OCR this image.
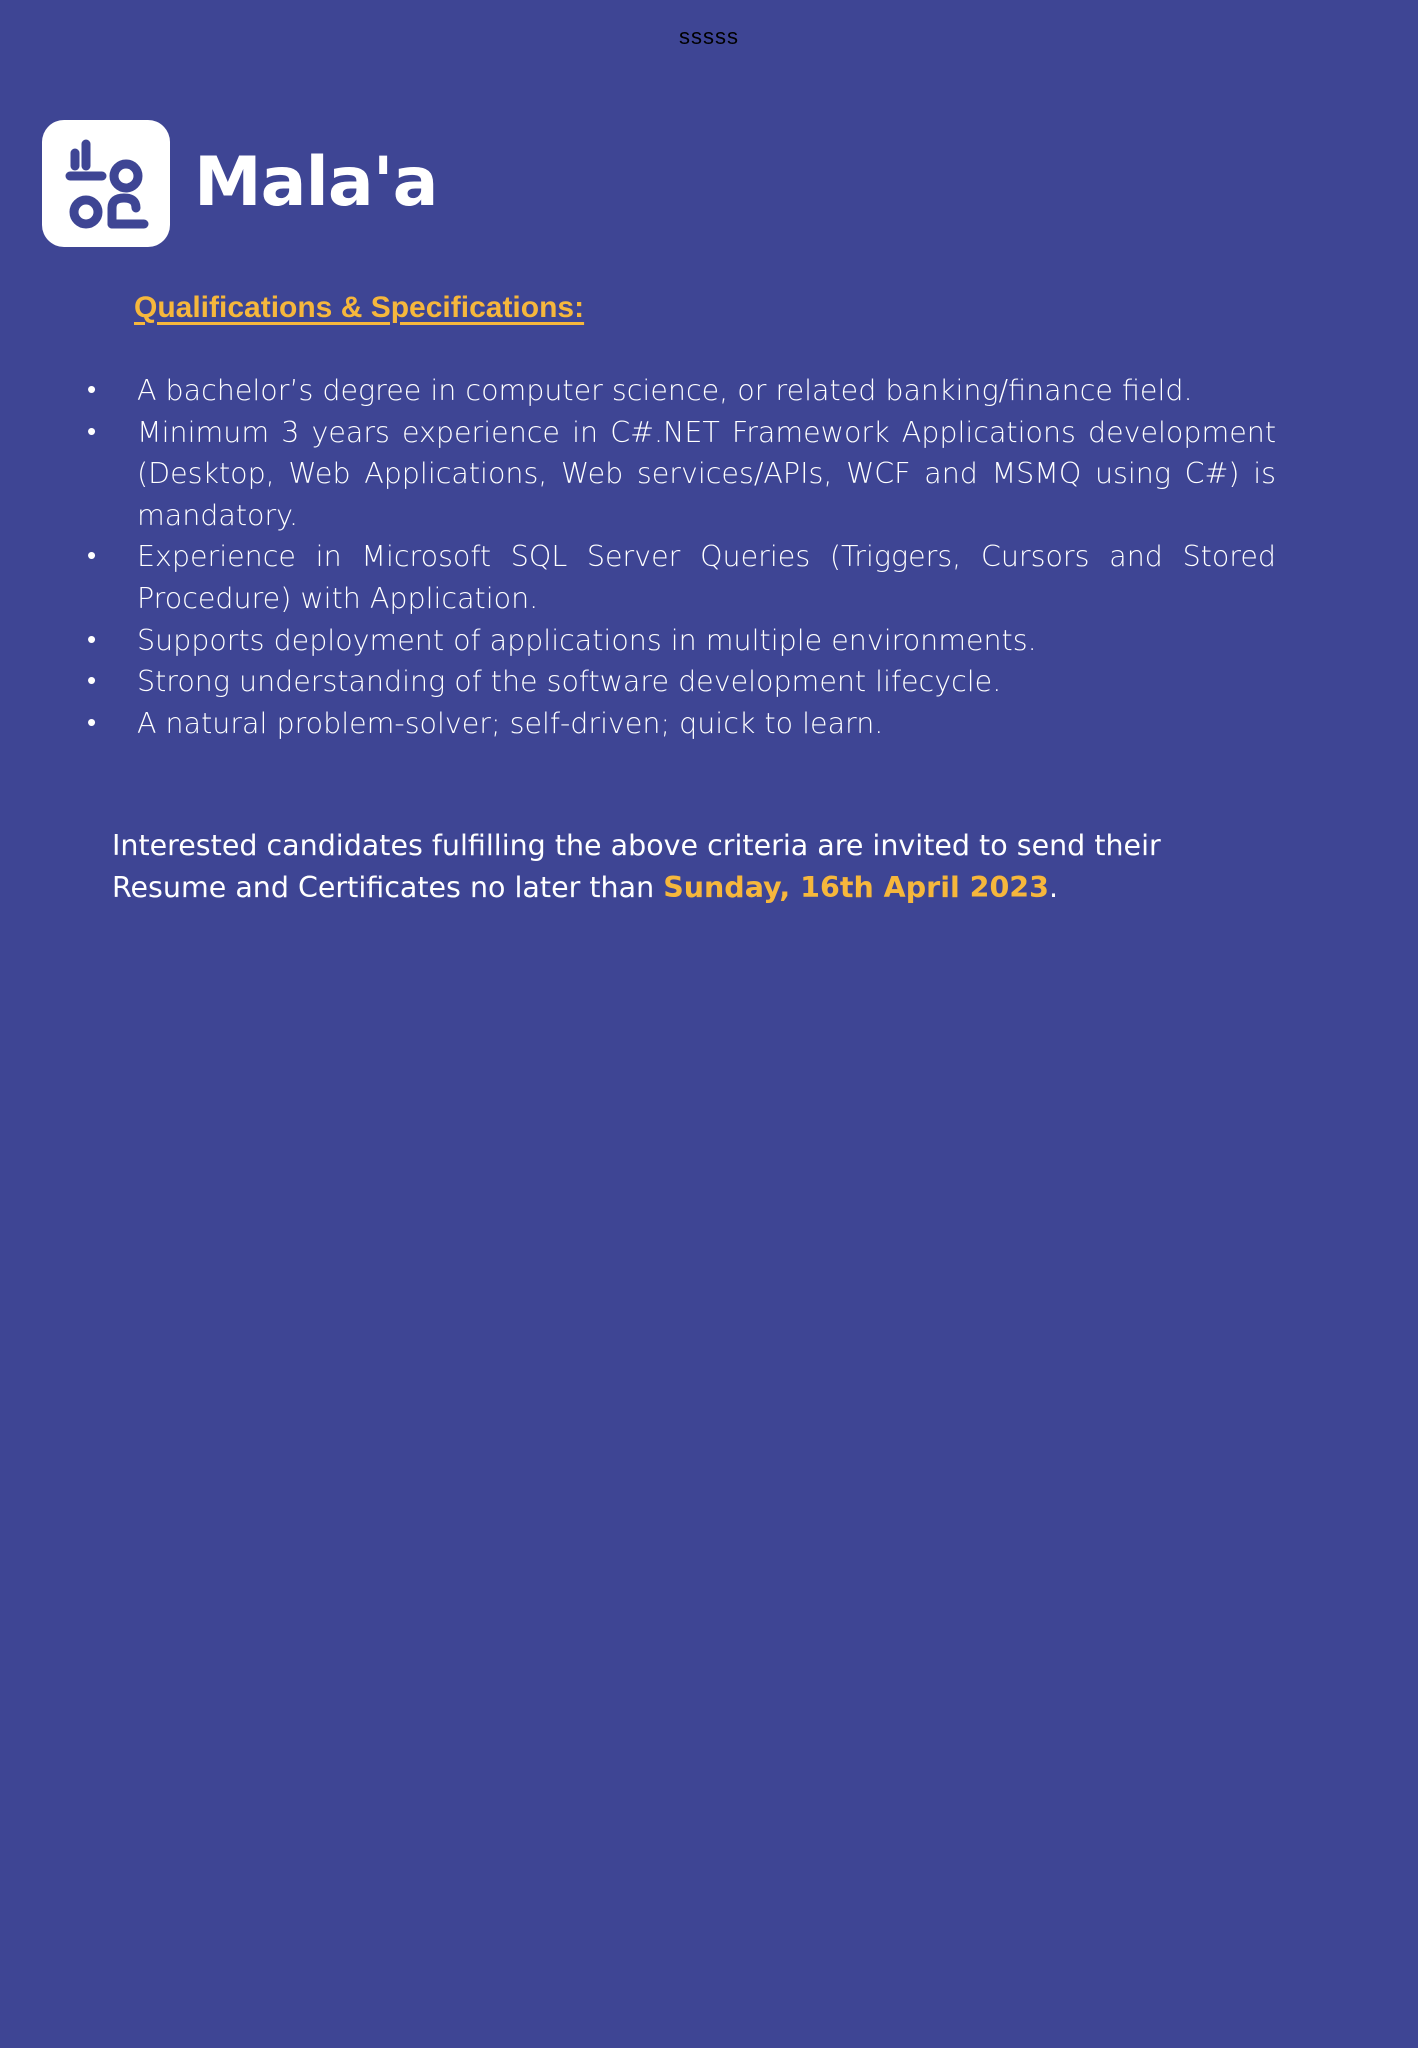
sssss
Mala'a
Qualifications & Specifications:
•	A bachelor’s degree in computer science, or related banking/finance field.
•	Minimum 3 years experience in C#.NET Framework Applications development (Desktop, Web Applications, Web services/APIs, WCF and MSMQ using C#) is mandatory.
•	Experience in Microsoft SQL Server Queries (Triggers, Cursors and Stored Procedure) with Application.
•	Supports deployment of applications in multiple environments.
•	Strong understanding of the software development lifecycle.
•	A natural problem-solver; self-driven; quick to learn.

Interested candidates fulfilling the above criteria are invited to send their Resume and Certificates no later than Sunday, 16th April 2023.
